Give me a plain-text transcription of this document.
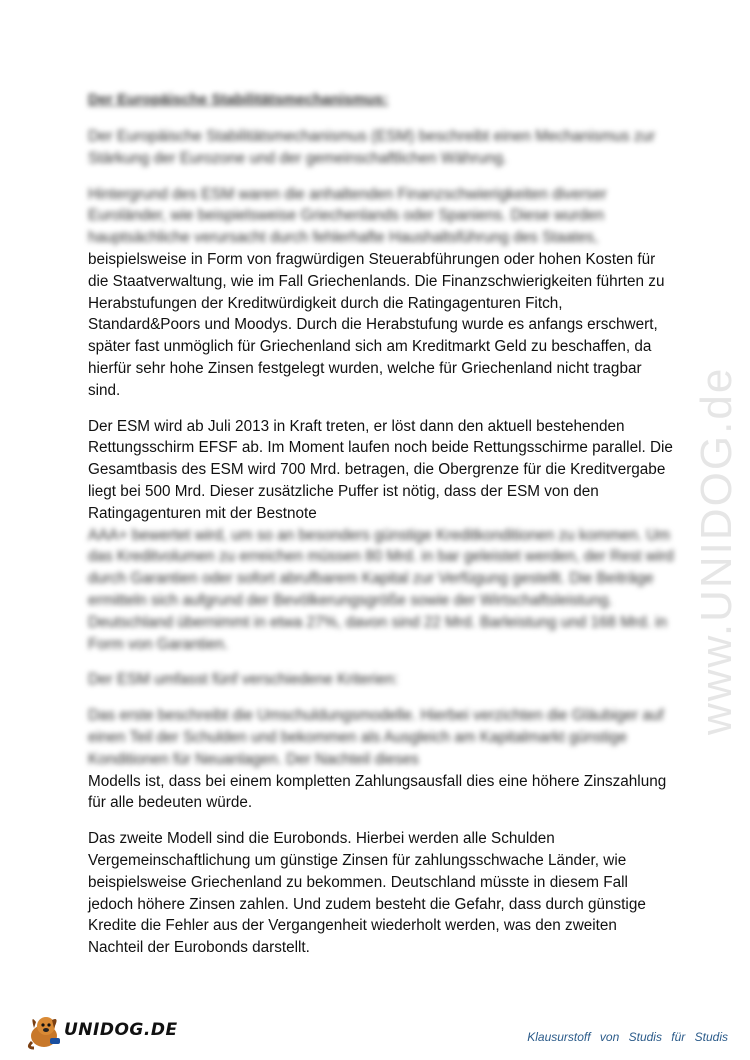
Der Europäische Stabilitätsmechanismus:

Der Europäische Stabilitätsmechanismus (ESM) beschreibt einen Mechanismus zur Stärkung der Eurozone und der gemeinschaftlichen Währung.

Hintergrund des ESM waren die anhaltenden Finanzschwierigkeiten diverser Euroländer, wie beispielsweise Griechenlands oder Spaniens. Diese wurden hauptsächliche verursacht durch fehlerhafte Haushaltsführung des Staates,
beispielsweise in Form von fragwürdigen Steuerabführungen oder hohen Kosten für die Staatverwaltung, wie im Fall Griechenlands. Die Finanzschwierigkeiten führten zu Herabstufungen der Kreditwürdigkeit durch die Ratingagenturen Fitch, Standard&Poors und Moodys. Durch die Herabstufung wurde es anfangs erschwert, später fast unmöglich für Griechenland sich am Kreditmarkt Geld zu beschaffen, da hierfür sehr hohe Zinsen festgelegt wurden, welche für Griechenland nicht tragbar sind.

Der ESM wird ab Juli 2013 in Kraft treten, er löst dann den aktuell bestehenden Rettungsschirm EFSF ab. Im Moment laufen noch beide Rettungsschirme parallel. Die Gesamtbasis des ESM wird 700 Mrd. betragen, die Obergrenze für die Kreditvergabe liegt bei 500 Mrd. Dieser zusätzliche Puffer ist nötig, dass der ESM von den Ratingagenturen mit der Bestnote
AAA+ bewertet wird, um so an besonders günstige Kreditkonditionen zu kommen. Um das Kreditvolumen zu erreichen müssen 80 Mrd. in bar geleistet werden, der Rest wird durch Garantien oder sofort abrufbarem Kapital zur Verfügung gestellt. Die Beiträge ermitteln sich aufgrund der Bevölkerungsgröße sowie der Wirtschaftsleistung. Deutschland übernimmt in etwa 27%, davon sind 22 Mrd. Barleistung und 168 Mrd. in Form von Garantien.

Der ESM umfasst fünf verschiedene Kriterien:

Das erste beschreibt die Umschuldungsmodelle. Hierbei verzichten die Gläubiger auf einen Teil der Schulden und bekommen als Ausgleich am Kapitalmarkt günstige Konditionen für Neuanlagen. Der Nachteil dieses
Modells ist, dass bei einem kompletten Zahlungsausfall dies eine höhere Zinszahlung für alle bedeuten würde.

Das zweite Modell sind die Eurobonds. Hierbei werden alle Schulden Vergemeinschaftlichung um günstige Zinsen für zahlungsschwache Länder, wie beispielsweise Griechenland zu bekommen. Deutschland müsste in diesem Fall jedoch höhere Zinsen zahlen. Und zudem besteht die Gefahr, dass durch günstige Kredite die Fehler aus der Vergangenheit wiederholt werden, was den zweiten Nachteil der Eurobonds darstellt.

www.UNIDOG.de
UNIDOG.DE	Klausurstoff von Studis für Studis
